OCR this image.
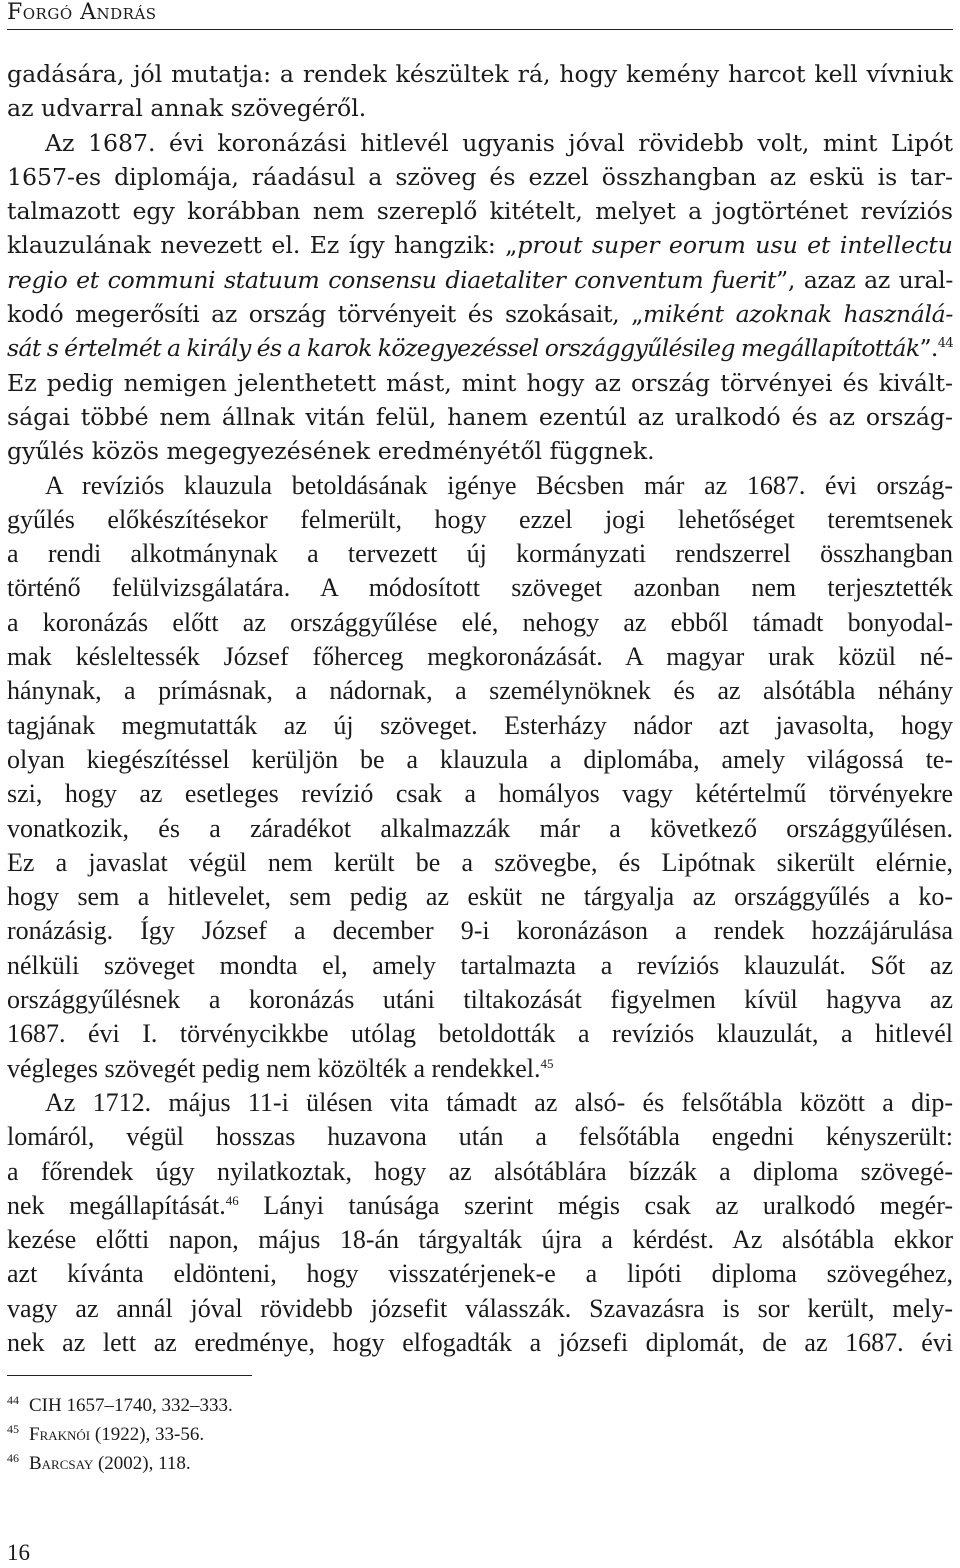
Forgó András
gadására, jól mutatja: a rendek készültek rá, hogy kemény harcot kell vívniuk
az udvarral annak szövegéről.
Az 1687. évi koronázási hitlevél ugyanis jóval rövidebb volt, mint Lipót
1657-es diplomája, ráadásul a szöveg és ezzel összhangban az eskü is tar-
talmazott egy korábban nem szereplő kitételt, melyet a jogtörténet revíziós
klauzulának nevezett el. Ez így hangzik: „prout super eorum usu et intellectu
regio et communi statuum consensu diaetaliter conventum fuerit”, azaz az ural-
kodó megerősíti az ország törvényeit és szokásait, „miként azoknak használá-
sát s értelmét a király és a karok közegyezéssel országgyűlésileg megállapították”.$^{44}$
Ez pedig nemigen jelenthetett mást, mint hogy az ország törvényei és kivált-
ságai többé nem állnak vitán felül, hanem ezentúl az uralkodó és az ország-
gyűlés közös megegyezésének eredményétől függnek.
A revíziós klauzula betoldásának igénye Bécsben már az 1687. évi ország-
gyűlés előkészítésekor felmerült, hogy ezzel jogi lehetőséget teremtsenek
a rendi alkotmánynak a tervezett új kormányzati rendszerrel összhangban
történő felülvizsgálatára. A módosított szöveget azonban nem terjesztették
a koronázás előtt az országgyűlése elé, nehogy az ebből támadt bonyodal-
mak késleltessék József főherceg megkoronázását. A magyar urak közül né-
hánynak, a prímásnak, a nádornak, a személynöknek és az alsótábla néhány
tagjának megmutatták az új szöveget. Esterházy nádor azt javasolta, hogy
olyan kiegészítéssel kerüljön be a klauzula a diplomába, amely világossá te-
szi, hogy az esetleges revízió csak a homályos vagy kétértelmű törvényekre
vonatkozik, és a záradékot alkalmazzák már a következő országgyűlésen.
Ez a javaslat végül nem került be a szövegbe, és Lipótnak sikerült elérnie,
hogy sem a hitlevelet, sem pedig az esküt ne tárgyalja az országgyűlés a ko-
ronázásig. Így József a december 9-i koronázáson a rendek hozzájárulása
nélküli szöveget mondta el, amely tartalmazta a revíziós klauzulát. Sőt az
országgyűlésnek a koronázás utáni tiltakozását figyelmen kívül hagyva az
1687. évi I. törvénycikkbe utólag betoldották a revíziós klauzulát, a hitlevél
végleges szövegét pedig nem közölték a rendekkel.$^{45}$
Az 1712. május 11-i ülésen vita támadt az alsó- és felsőtábla között a dip-
lomáról, végül hosszas huzavona után a felsőtábla engedni kényszerült:
a főrendek úgy nyilatkoztak, hogy az alsótáblára bízzák a diploma szövegé-
nek megállapítását.$^{46}$ Lányi tanúsága szerint mégis csak az uralkodó megér-
kezése előtti napon, május 18-án tárgyalták újra a kérdést. Az alsótábla ekkor
azt kívánta eldönteni, hogy visszatérjenek-e a lipóti diploma szövegéhez,
vagy az annál jóval rövidebb józsefit válasszák. Szavazásra is sor került, mely-
nek az lett az eredménye, hogy elfogadták a józsefi diplomát, de az 1687. évi
44 CIH 1657–1740, 332–333.
45 Fraknói (1922), 33-56.
46 Barcsay (2002), 118.
16
